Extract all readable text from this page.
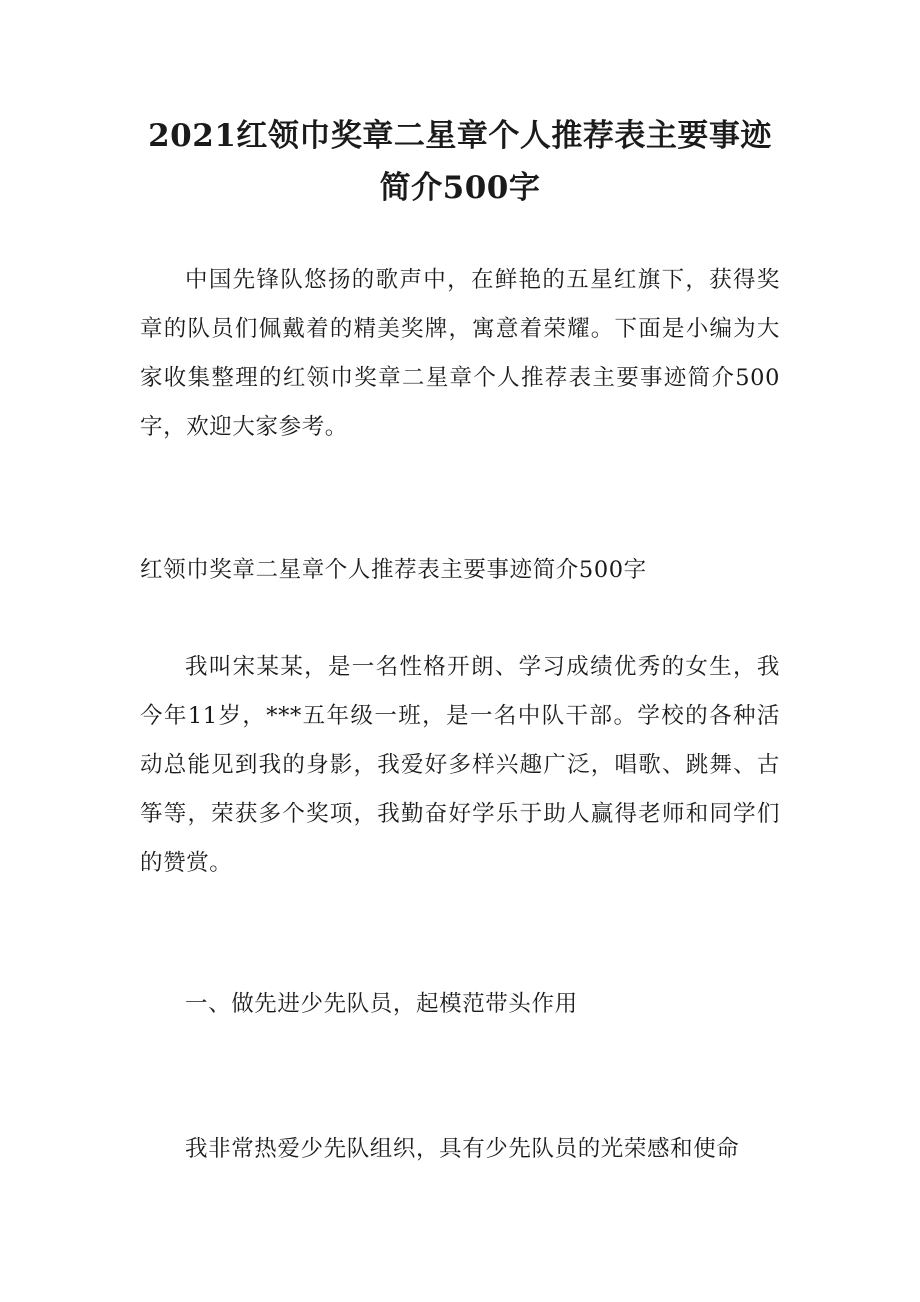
2021红领巾奖章二星章个人推荐表主要事迹简介500字

中国先锋队悠扬的歌声中，在鲜艳的五星红旗下，获得奖章的队员们佩戴着的精美奖牌，寓意着荣耀。下面是小编为大家收集整理的红领巾奖章二星章个人推荐表主要事迹简介500字，欢迎大家参考。

红领巾奖章二星章个人推荐表主要事迹简介500字

我叫宋某某，是一名性格开朗、学习成绩优秀的女生，我今年11岁，***五年级一班，是一名中队干部。学校的各种活动总能见到我的身影，我爱好多样兴趣广泛，唱歌、跳舞、古筝等，荣获多个奖项，我勤奋好学乐于助人赢得老师和同学们的赞赏。

一、做先进少先队员，起模范带头作用

我非常热爱少先队组织，具有少先队员的光荣感和使命
